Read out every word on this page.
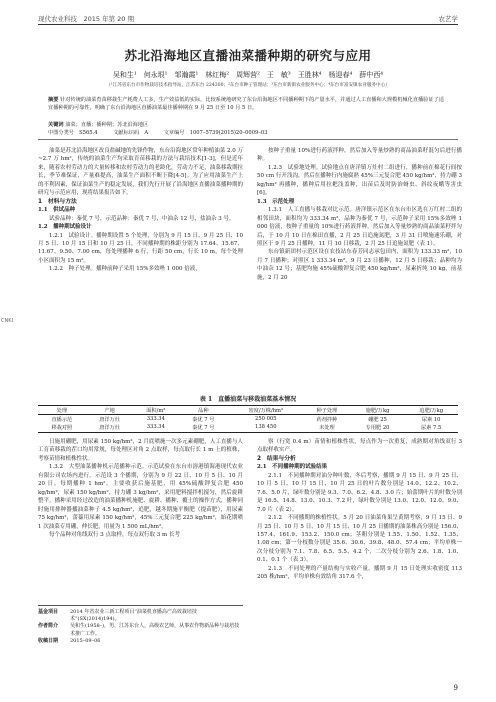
现代农业科技　2015 年第 20 期	农艺学
苏北沿海地区直播油菜播种期的研究与应用
吴和生¹　何永垠¹　邹瀚霞¹　林红梅²　周辉营²　王　敏³　王胜林⁴　杨迎春⁴　薛中西⁴
（¹江苏省东台市作物栽培技术指导站，江苏东台 224200；²东台市种子管理站；³东台市新街农业服务中心；⁴东台市富安镇农业服务中心）
摘要 针对传统的油菜育苗移栽生产耗费人工多，生产效益低的实际，比较系统地研究了东台沿海地区不同播种期下的产量水平，并通过人工直播和大规模机械化直播验证了适宜播种期的可靠性，明确了东台沿海地区直播油菜最佳播种期在 9 月 25 日至 10 月 5 日。
关键词 油菜；直播；播种期；苏北沿海地区
中图分类号　S565.4	文献标识码　A	文章编号　1007–5739(2015)20–0009–03

油菜是苏北沿海地区改良盐碱地的先锋作物，东台沿海地区常年种植油菜 2.0 万~2.7 万 hm²，传统的油菜生产均采取育苗移栽的方法与栽培技术[1-3]，但是近年来，随着农村劳动力的大量转移和农村劳动力的老龄化，劳动力不足，油菜移栽期拉长，季节难保证，产量难提高，油菜生产面积不断下降[4-5]。为了应用油菜生产上的不利因素，保证油菜生产的稳定发展，我们先行开展了沿海地区直播油菜播种期的研究与示范应用，现将结果报告如下。

1　材料与方法
1.1　供试品种

试验品种：秦优 7 号，示范品种：秦优 7 号，中油杂 12 号，盐油杂 3 号。

1.2　播种期试验设计

1.2.1　试验设计。播种期设置 5 个处理，分别为 9 月 15 日、9 月 25 日、10 月 5 日、10 月 15 日和 10 月 25 日，不同播种期的株距分别为 17.64、15.67、11.67、9.50、7.00 cm，每处理播种 6 行，行距 50 cm，行长 10 m，每个处理小区面积为 15 m²。

1.2.2　种子处理。播种前种子采用 15%多效唑 1 000 倍液，

按种子重量 10%进行药液拌种，然后加入等量炒熟的商品油菜籽混匀后进行播种。

1.2.3　试验地处理。试验地点在唐洋镇万灶村二组进行，播种前在棉花行间按 50 cm 行开浅沟，然后在播种行内施腐熟 45%三元复合肥 450 kg/hm²，持力硼 3 kg/hm² 再播种，播种后用拉耙浅盖种，出苗后及时防治蚜虫、斜纹夜蛾等害虫[6]。

1.3　示范处理

1.3.1　人工直播与移栽对比示范。唐洋镇示范区在东台市区选在万红村二组的相邻田块，面积均为 333.34 m²，品种为秦优 7 号，示范种子采用 15%多效唑 1 000 倍液，按种子重量的 10%进行药液拌种，然后加入等量炒熟的商品油菜籽拌匀后，于 10 月 10 日在棉田直播，2 月 25 日追施氮肥，3 月 31 日喷施速乐硼，对照区于 9 月 25 日播种，11 月 10 日移栽，2 月 25 日追施氮肥（表 1）。

东台镇新团村示范区设在农技站东春芳同志承包田内，面积为 133.33 m²，10 月 7 日播种；对照区 1 333.34 m²，9 月 23 日播种，12 月 5 日移栽；品种均为中油杂 12 号；基肥均施 45%硫酸钾复合肥 450 kg/hm²，尿素折纯 10 kg，前基施，2 月 20

表 1　直播油菜与移栽油菜基本情况
处理	产地	面积/m²	品种	密度/万株/hm²	种子处理	施肥/万kg	追肥/万kg
直播示范	唐洋万灶	333.34	秦优 7 号	250 005	药剂拌种	硼肥 25	尿素 10
移栽对照	唐洋万灶	333.34	秦优 7 号	138 450	未处理	专用肥 20	尿素 7.5

日施用硼肥，用尿素 150 kg/hm²，2 月底喷施一次多元素硼肥，人工直播与人工育苗移栽的茬口均用常规，每处理区对角 2 点取样，每点取行长 1 m 上的植株，考察苗情和植株性状。

1.3.2　大型油菜播种机示范播种示范。示范试验在东台市溶港镇海港现代农业有限公司农场内进行。示范设 3 个播期，分别为 9 月 22 日、10 月 5 日、10 月 20 日，每期播种 1 hm²。主要收获后施基肥，用 45%硫酸钾复合肥 450 kg/hm²，尿素 150 kg/hm²，持力硼 3 kg/hm²，采用肥料搅拌机搅匀，然后旋耕整平，播种采用经过改造的油菜播种机施肥、旋耕、播种、覆土的操作方式，播种同时施用排种器播油菜种子 4.5 kg/hm²，追肥，越冬期施平衡肥（提苗肥），用尿素 75 kg/hm²，蕾薹用尿素 150 kg/hm²，45%三元复合肥 225 kg/hm²，始花期喷 1 次油菜专用硼，伸长肥，用量为 1 500 mL/hm²。

每个品种对角线双行 3 点取样，每点双行取 3 m 长考

察（行宽 0.4 m）苗情和植株性状，每点作为一次重复，成熟期对角线双行 3 点取样收实产。

2　结果与分析
2.1　不同播种期的试验结果

2.1.1　不同播种期对油分种叶数、冬后考察，播期 9 月 15 日、9 月 25 日、10 月 5 日、10 月 15 日、10 月 25 日的叶片数分别是 14.0、12.2、10.2、7.6、5.0 片，绿叶数分别是 9.3、7.0、6.2、4.8、3.0 片；始蕾期叶片的叶数分别是 16.5、14.8、13.0、10.3、7.2 叶，绿叶数分别是 13.0、12.0、12.0、9.0、7.0 片（表 2）。

2.1.2　不同播期的株植性状。5 月 20 日油菜角果呈黄期考察，9 月 15 日、9 月 25 日、10 月 5 日、10 月 15 日、10 月 25 日播期的油菜株高分别是 156.0、157.4、161.9、153.2、150.0 cm；茎粗分别是 1.55、1.50、1.52、1.35、1.08 cm；第一分枝数分别是 35.6、30.6、39.8、48.0、57.4 cm；平均单株一次分枝分别为 7.1、7.8、6.5、5.5、4.2 个，二次分枝分别为 2.6、1.8、1.0、0.1、0.1 个（表 3）。

2.1.3　不同处理的产量结构与实收产量。播期 9 月 15 日处理实收密度 113 205 株/hm²，平均单株有效结角 317.6 个，

基金项目	2014 年省农业三新工程项目“油菜机直播高产高效栽培技术”(SX(2014)194)。
作者简介	吴和生(1958–)，男，江苏东台人，高级农艺师，从事农作物新品种与栽培技术推广工作。
收稿日期	2015–09–06
9
CNKI
